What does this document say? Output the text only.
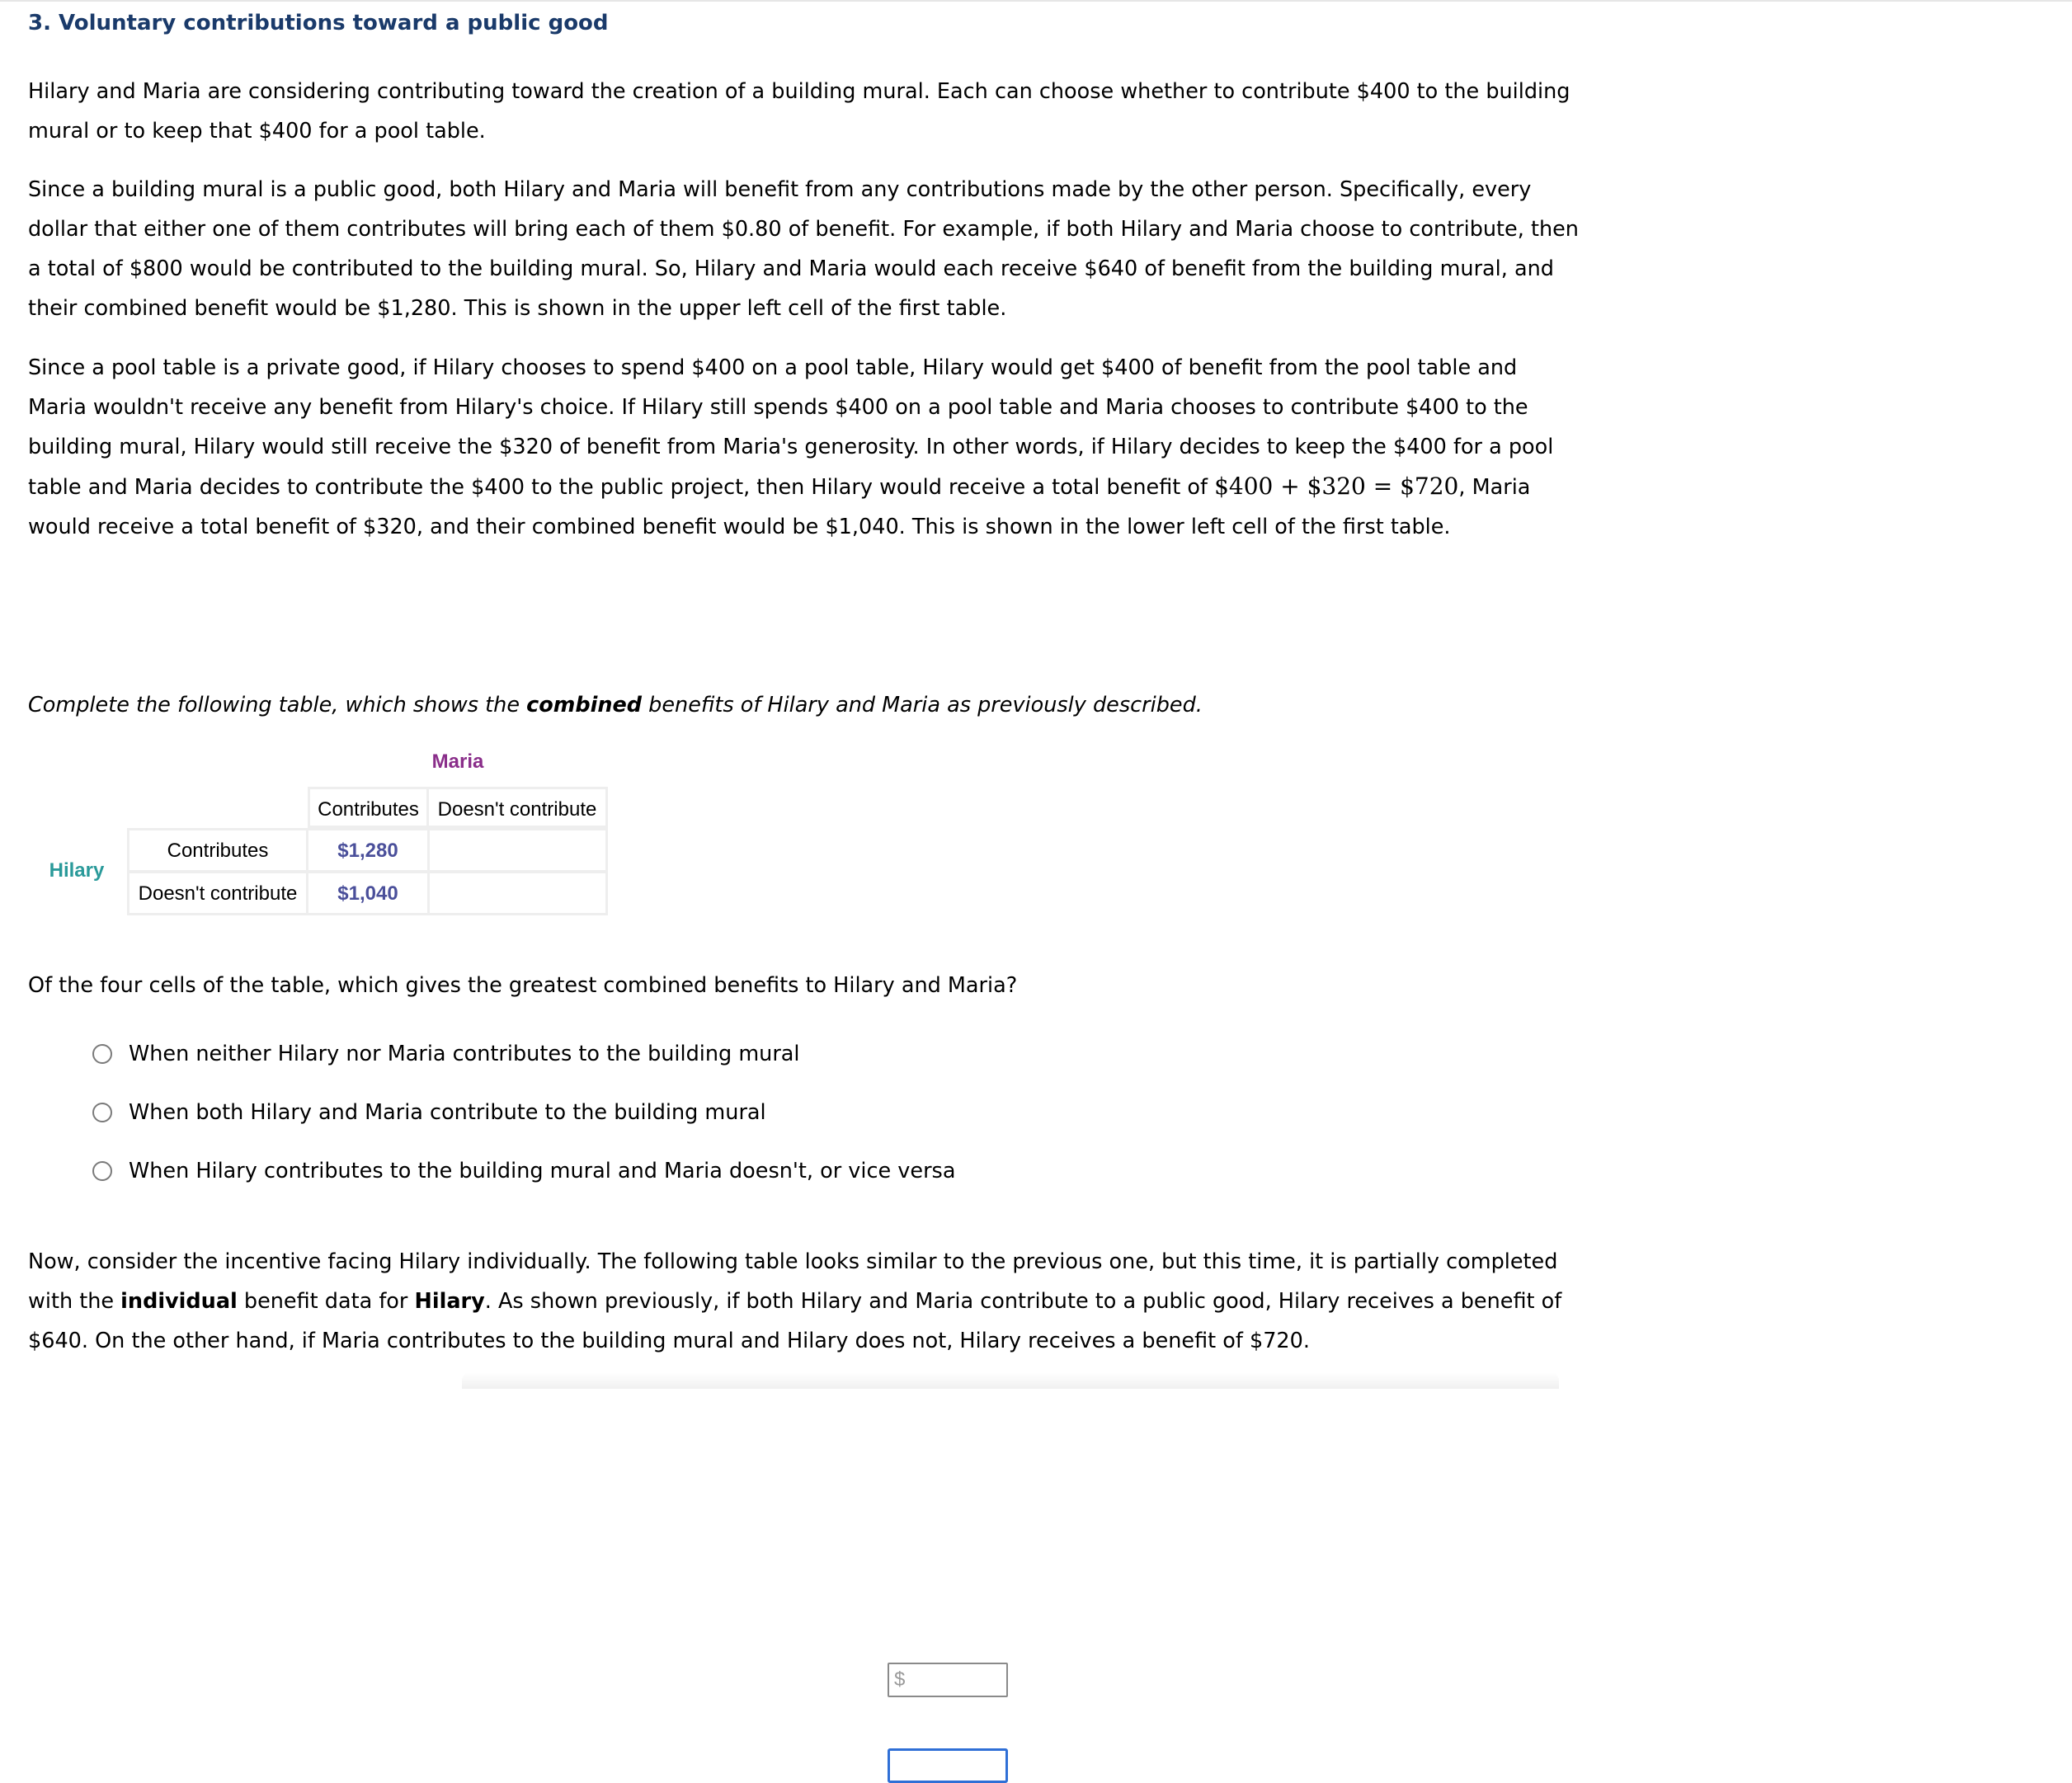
3. Voluntary contributions toward a public good

Hilary and Maria are considering contributing toward the creation of a building mural. Each can choose whether to contribute $400 to the building mural or to keep that $400 for a pool table.

Since a building mural is a public good, both Hilary and Maria will benefit from any contributions made by the other person. Specifically, every dollar that either one of them contributes will bring each of them $0.80 of benefit. For example, if both Hilary and Maria choose to contribute, then a total of $800 would be contributed to the building mural. So, Hilary and Maria would each receive $640 of benefit from the building mural, and their combined benefit would be $1,280. This is shown in the upper left cell of the first table.

Since a pool table is a private good, if Hilary chooses to spend $400 on a pool table, Hilary would get $400 of benefit from the pool table and Maria wouldn't receive any benefit from Hilary's choice. If Hilary still spends $400 on a pool table and Maria chooses to contribute $400 to the building mural, Hilary would still receive the $320 of benefit from Maria's generosity. In other words, if Hilary decides to keep the $400 for a pool table and Maria decides to contribute the $400 to the public project, then Hilary would receive a total benefit of $400 + $320 = $720, Maria would receive a total benefit of $320, and their combined benefit would be $1,040. This is shown in the lower left cell of the first table.

Complete the following table, which shows the combined benefits of Hilary and Maria as previously described.

Maria
Hilary
Contributes Doesn't contribute
Contributes
Doesn't contribute
$1,280
$1,040
$

Of the four cells of the table, which gives the greatest combined benefits to Hilary and Maria?

When neither Hilary nor Maria contributes to the building mural
When both Hilary and Maria contribute to the building mural
When Hilary contributes to the building mural and Maria doesn't, or vice versa

Now, consider the incentive facing Hilary individually. The following table looks similar to the previous one, but this time, it is partially completed with the individual benefit data for Hilary. As shown previously, if both Hilary and Maria contribute to a public good, Hilary receives a benefit of $640. On the other hand, if Maria contributes to the building mural and Hilary does not, Hilary receives a benefit of $720.
